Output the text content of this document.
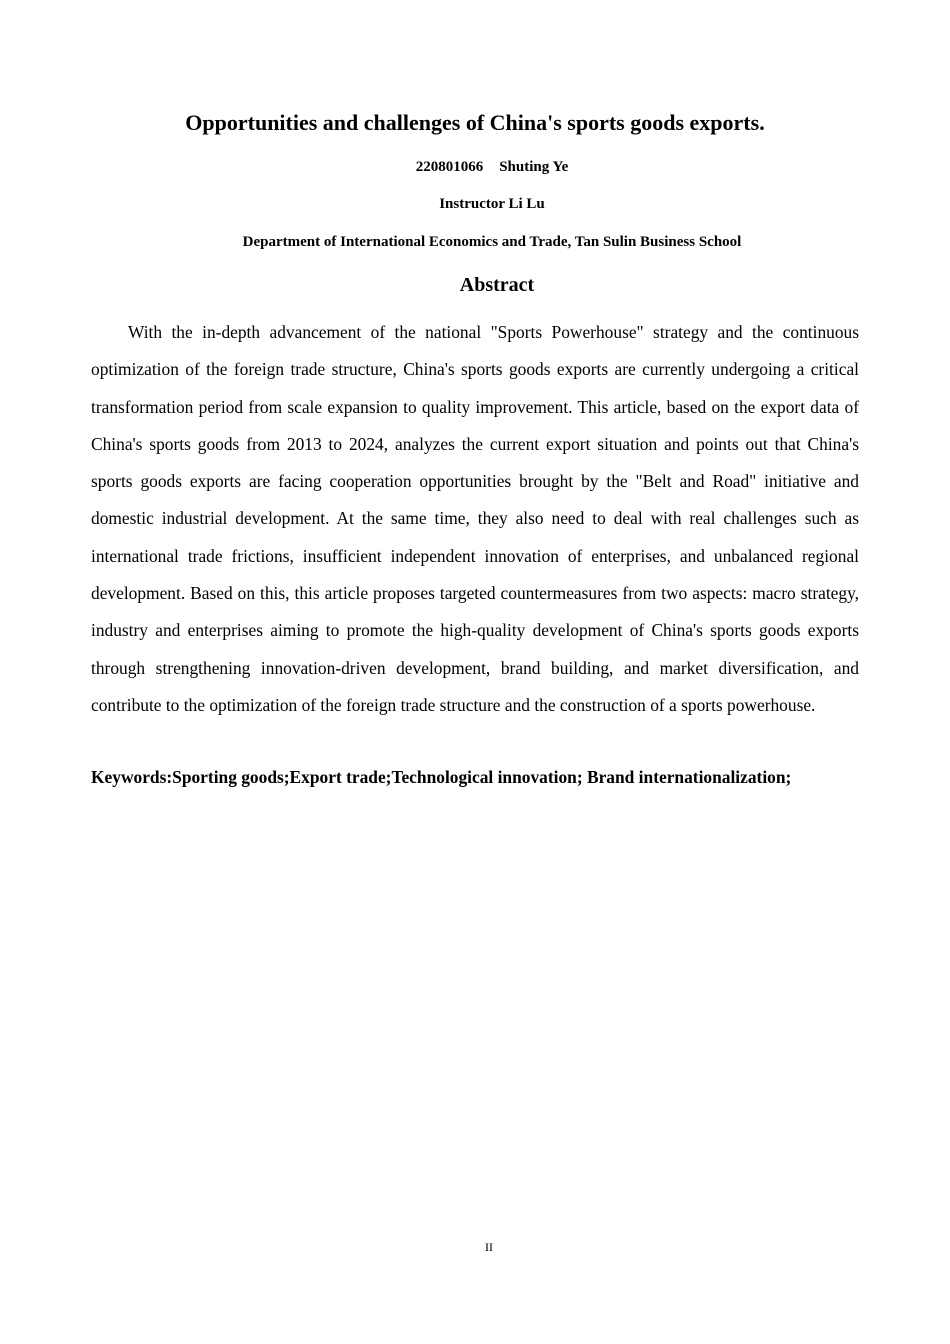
Opportunities and challenges of China's sports goods exports.
220801066 Shuting Ye
Instructor Li Lu
Department of International Economics and Trade, Tan Sulin Business School
Abstract

With the in-depth advancement of the national "Sports Powerhouse" strategy and the continuous optimization of the foreign trade structure, China's sports goods exports are currently undergoing a critical transformation period from scale expansion to quality improvement. This article, based on the export data of China's sports goods from 2013 to 2024, analyzes the current export situation and points out that China's sports goods exports are facing cooperation opportunities brought by the "Belt and Road" initiative and domestic industrial development. At the same time, they also need to deal with real challenges such as international trade frictions, insufficient independent innovation of enterprises, and unbalanced regional development. Based on this, this article proposes targeted countermeasures from two aspects: macro strategy, industry and enterprises aiming to promote the high-quality development of China's sports goods exports through strengthening innovation-driven development, brand building, and market diversification, and contribute to the optimization of the foreign trade structure and the construction of a sports powerhouse.

Keywords:Sporting goods;Export trade;Technological innovation; Brand internationalization;

II
